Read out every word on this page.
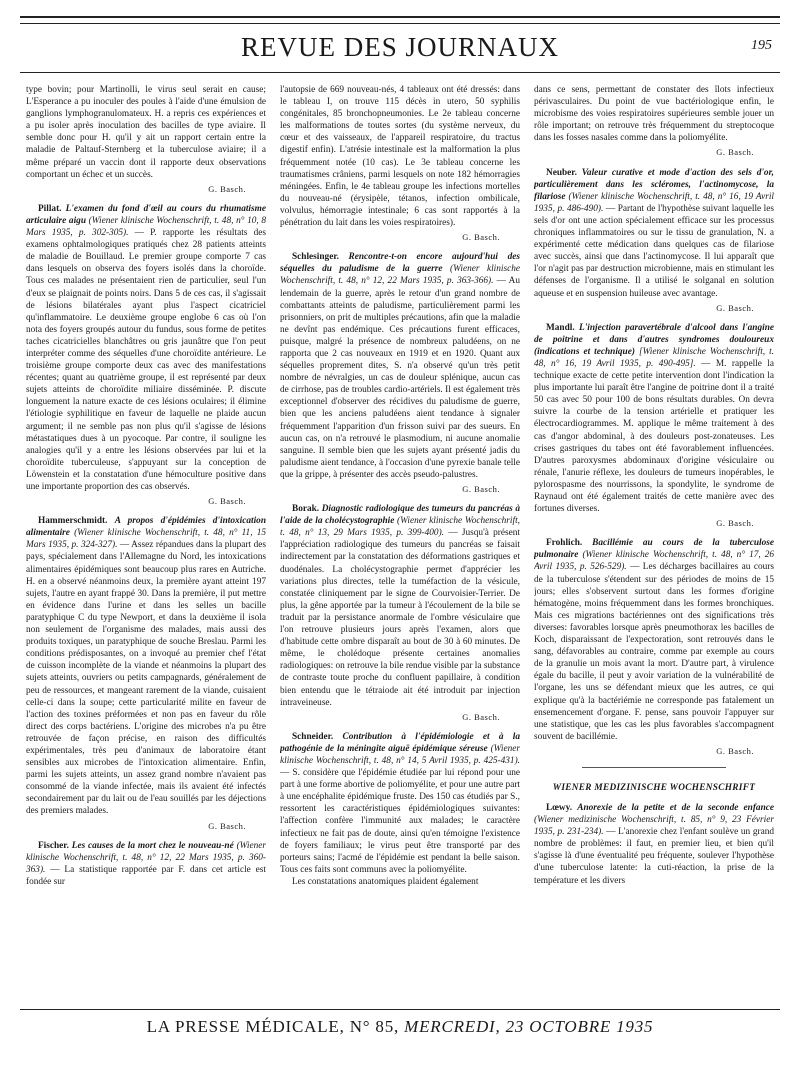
REVUE DES JOURNAUX	195

type bovin; pour Martinolli, le virus seul serait en cause; L'Esperance a pu inoculer des poules à l'aide d'une émulsion de ganglions lymphogranulomateux. H. a repris ces expériences et a pu isoler après inoculation des bacilles de type aviaire. Il semble donc pour H. qu'il y ait un rapport certain entre la maladie de Paltauf-Sternberg et la tuberculose aviaire; il a même préparé un vaccin dont il rapporte deux observations comportant un échec et un succès.

G. Basch.

Pillat. L'examen du fond d'œil au cours du rhumatisme articulaire aigu (Wiener klinische Wochenschrift, t. 48, n° 10, 8 Mars 1935, p. 302-305). — P. rapporte les résultats des examens ophtalmologiques pratiqués chez 28 patients atteints de maladie de Bouillaud. Le premier groupe comporte 7 cas dans lesquels on observa des foyers isolés dans la choroïde. Tous ces malades ne présentaient rien de particulier, seul l'un d'eux se plaignait de points noirs. Dans 5 de ces cas, il s'agissait de lésions bilatérales ayant plus l'aspect cicatriciel qu'inflammatoire. Le deuxième groupe englobe 6 cas où l'on nota des foyers groupés autour du fundus, sous forme de petites taches cicatricielles blanchâtres ou gris jaunâtre que l'on peut interpréter comme des séquelles d'une choroïdite antérieure. Le troisième groupe comporte deux cas avec des manifestations récentes; quant au quatrième groupe, il est représenté par deux sujets atteints de choroïdite miliaire disséminée. P. discute longuement la nature exacte de ces lésions oculaires; il élimine l'étiologie syphilitique en faveur de laquelle ne plaide aucun argument; il ne semble pas non plus qu'il s'agisse de lésions métastatiques dues à un pyocoque. Par contre, il souligne les analogies qu'il y a entre les lésions observées par lui et la choroïdite tuberculeuse, s'appuyant sur la conception de Löwenstein et la constatation d'une hémoculture positive dans une importante proportion des cas observés.

G. Basch.

Hammerschmidt. A propos d'épidémies d'intoxication alimentaire (Wiener klinische Wochenschrift, t. 48, n° 11, 15 Mars 1935, p. 324-327). — Assez répandues dans la plupart des pays, spécialement dans l'Allemagne du Nord, les intoxications alimentaires épidémiques sont beaucoup plus rares en Autriche. H. en a observé néanmoins deux, la première ayant atteint 197 sujets, l'autre en ayant frappé 30. Dans la première, il put mettre en évidence dans l'urine et dans les selles un bacille paratyphique C du type Newport, et dans la deuxième il isola non seulement de l'organisme des malades, mais aussi des produits toxiques, un paratyphique de souche Breslau. Parmi les conditions prédisposantes, on a invoqué au premier chef l'état de cuisson incomplète de la viande et néanmoins la plupart des sujets atteints, ouvriers ou petits campagnards, généralement de peu de ressources, et mangeant rarement de la viande, cuisaient celle-ci dans la soupe; cette particularité milite en faveur de l'action des toxines préformées et non pas en faveur du rôle direct des corps bactériens. L'origine des microbes n'a pu être retrouvée de façon précise, en raison des difficultés expérimentales, très peu d'animaux de laboratoire étant sensibles aux microbes de l'intoxication alimentaire. Enfin, parmi les sujets atteints, un assez grand nombre n'avaient pas consommé de la viande infectée, mais ils avaient été infectés secondairement par du lait ou de l'eau souillés par les déjections des premiers malades.

G. Basch.

Fischer. Les causes de la mort chez le nouveau-né (Wiener klinische Wochenschrift, t. 48, n° 12, 22 Mars 1935, p. 360-363). — La statistique rapportée par F. dans cet article est fondée sur

l'autopsie de 669 nouveau-nés, 4 tableaux ont été dressés: dans le tableau I, on trouve 115 décès in utero, 50 syphilis congénitales, 85 bronchopneumonies. Le 2e tableau concerne les malformations de toutes sortes (du système nerveux, du cœur et des vaisseaux, de l'appareil respiratoire, du tractus digestif enfin). L'atrésie intestinale est la malformation la plus fréquemment notée (10 cas). Le 3e tableau concerne les traumatismes crâniens, parmi lesquels on note 182 hémorragies méningées. Enfin, le 4e tableau groupe les infections mortelles du nouveau-né (érysipèle, tétanos, infection ombilicale, volvulus, hémorragie intestinale; 6 cas sont rapportés à la pénétration du lait dans les voies respiratoires).

G. Basch.

Schlesinger. Rencontre-t-on encore aujourd'hui des séquelles du paludisme de la guerre (Wiener klinische Wochenschrift, t. 48, n° 12, 22 Mars 1935, p. 363-366). — Au lendemain de la guerre, après le retour d'un grand nombre de combattants atteints de paludisme, particulièrement parmi les prisonniers, on prit de multiples précautions, afin que la maladie ne devînt pas endémique. Ces précautions furent efficaces, puisque, malgré la présence de nombreux paludéens, on ne rapporta que 2 cas nouveaux en 1919 et en 1920. Quant aux séquelles proprement dites, S. n'a observé qu'un très petit nombre de névralgies, un cas de douleur splénique, aucun cas de cirrhose, pas de troubles cardio-artériels. Il est également très exceptionnel d'observer des récidives du paludisme de guerre, bien que les anciens paludéens aient tendance à signaler fréquemment l'apparition d'un frisson suivi par des sueurs. En aucun cas, on n'a retrouvé le plasmodium, ni aucune anomalie sanguine. Il semble bien que les sujets ayant présenté jadis du paludisme aient tendance, à l'occasion d'une pyrexie banale telle que la grippe, à présenter des accès pseudo-palustres.

G. Basch.

Borak. Diagnostic radiologique des tumeurs du pancréas à l'aide de la cholécystographie (Wiener klinische Wochenschrift, t. 48, n° 13, 29 Mars 1935, p. 399-400). — Jusqu'à présent l'appréciation radiologique des tumeurs du pancréas se faisait indirectement par la constatation des déformations gastriques et duodénales. La cholécystographie permet d'apprécier les variations plus directes, telle la tuméfaction de la vésicule, constatée cliniquement par le signe de Courvoisier-Terrier. De plus, la gêne apportée par la tumeur à l'écoulement de la bile se traduit par la persistance anormale de l'ombre vésiculaire que l'on retrouve plusieurs jours après l'examen, alors que d'habitude cette ombre disparaît au bout de 30 à 60 minutes. De même, le cholédoque présente certaines anomalies radiologiques: on retrouve la bile rendue visible par la substance de contraste toute proche du confluent papillaire, à condition bien entendu que le tétraiode ait été introduit par injection intraveineuse.

G. Basch.

Schneider. Contribution à l'épidémiologie et à la pathogénie de la méningite aiguë épidémique séreuse (Wiener klinische Wochenschrift, t. 48, n° 14, 5 Avril 1935, p. 425-431). — S. considère que l'épidémie étudiée par lui répond pour une part à une forme abortive de poliomyélite, et pour une autre part à une encéphalite épidémique fruste. Des 150 cas étudiés par S., ressortent les caractéristiques épidémiologiques suivantes: l'affection confère l'immunité aux malades; le caractère infectieux ne fait pas de doute, ainsi qu'en témoigne l'existence de foyers familiaux; le virus peut être transporté par des porteurs sains; l'acmé de l'épidémie est pendant la belle saison. Tous ces faits sont communs avec la poliomyélite.

Les constatations anatomiques plaident également

dans ce sens, permettant de constater des îlots infectieux périvasculaires. Du point de vue bactériologique enfin, le microbisme des voies respiratoires supérieures semble jouer un rôle important; on retrouve très fréquemment du streptocoque dans les fosses nasales comme dans la poliomyélite.

G. Basch.

Neuber. Valeur curative et mode d'action des sels d'or, particulièrement dans les scléromes, l'actinomycose, la filariose (Wiener klinische Wochenschrift, t. 48, n° 16, 19 Avril 1935, p. 486-490). — Partant de l'hypothèse suivant laquelle les sels d'or ont une action spécialement efficace sur les processus chroniques inflammatoires ou sur le tissu de granulation, N. a expérimenté cette médication dans quelques cas de filariose avec succès, ainsi que dans l'actinomycose. Il lui apparaît que l'or n'agit pas par destruction microbienne, mais en stimulant les défenses de l'organisme. Il a utilisé le solganal en solution aqueuse et en suspension huileuse avec avantage.

G. Basch.

Mandl. L'injection paravertébrale d'alcool dans l'angine de poitrine et dans d'autres syndromes douloureux (indications et technique) [Wiener klinische Wochenschrift, t. 48, n° 16, 19 Avril 1935, p. 490-495]. — M. rappelle la technique exacte de cette petite intervention dont l'indication la plus importante lui paraît être l'angine de poitrine dont il a traité 50 cas avec 50 pour 100 de bons résultats durables. On devra suivre la courbe de la tension artérielle et pratiquer les électrocardiogrammes. M. applique le même traitement à des cas d'angor abdominal, à des douleurs post-zonateuses. Les crises gastriques du tabes ont été favorablement influencées. D'autres paroxysmes abdominaux d'origine vésiculaire ou rénale, l'anurie réflexe, les douleurs de tumeurs inopérables, le pylorospasme des nourrissons, la spondylite, le syndrome de Raynaud ont été également traités de cette manière avec des fortunes diverses.

G. Basch.

Frohlich. Bacillémie au cours de la tuberculose pulmonaire (Wiener klinische Wochenschrift, t. 48, n° 17, 26 Avril 1935, p. 526-529). — Les décharges bacillaires au cours de la tuberculose s'étendent sur des périodes de moins de 15 jours; elles s'observent surtout dans les formes d'origine hématogène, moins fréquemment dans les formes bronchiques. Mais ces migrations bactériennes ont des significations très diverses: favorables lorsque après pneumothorax les bacilles de Koch, disparaissant de l'expectoration, sont retrouvés dans le sang, défavorables au contraire, comme par exemple au cours de la granulie un mois avant la mort. D'autre part, à virulence égale du bacille, il peut y avoir variation de la vulnérabilité de l'organe, les uns se défendant mieux que les autres, ce qui explique qu'à la bactériémie ne corresponde pas fatalement un ensemencement d'organe. F. pense, sans pouvoir l'appuyer sur une statistique, que les cas les plus favorables s'accompagnent souvent de bacillémie.

G. Basch.
WIENER MEDIZINISCHE WOCHENSCHRIFT

Lœwy. Anorexie de la petite et de la seconde enfance (Wiener medizinische Wochenschrift, t. 85, n° 9, 23 Février 1935, p. 231-234). — L'anorexie chez l'enfant soulève un grand nombre de problèmes: il faut, en premier lieu, et bien qu'il s'agisse là d'une éventualité peu fréquente, soulever l'hypothèse d'une tuberculose latente: la cuti-réaction, la prise de la température et les divers

LA PRESSE MÉDICALE, N° 85, MERCREDI, 23 OCTOBRE 1935
